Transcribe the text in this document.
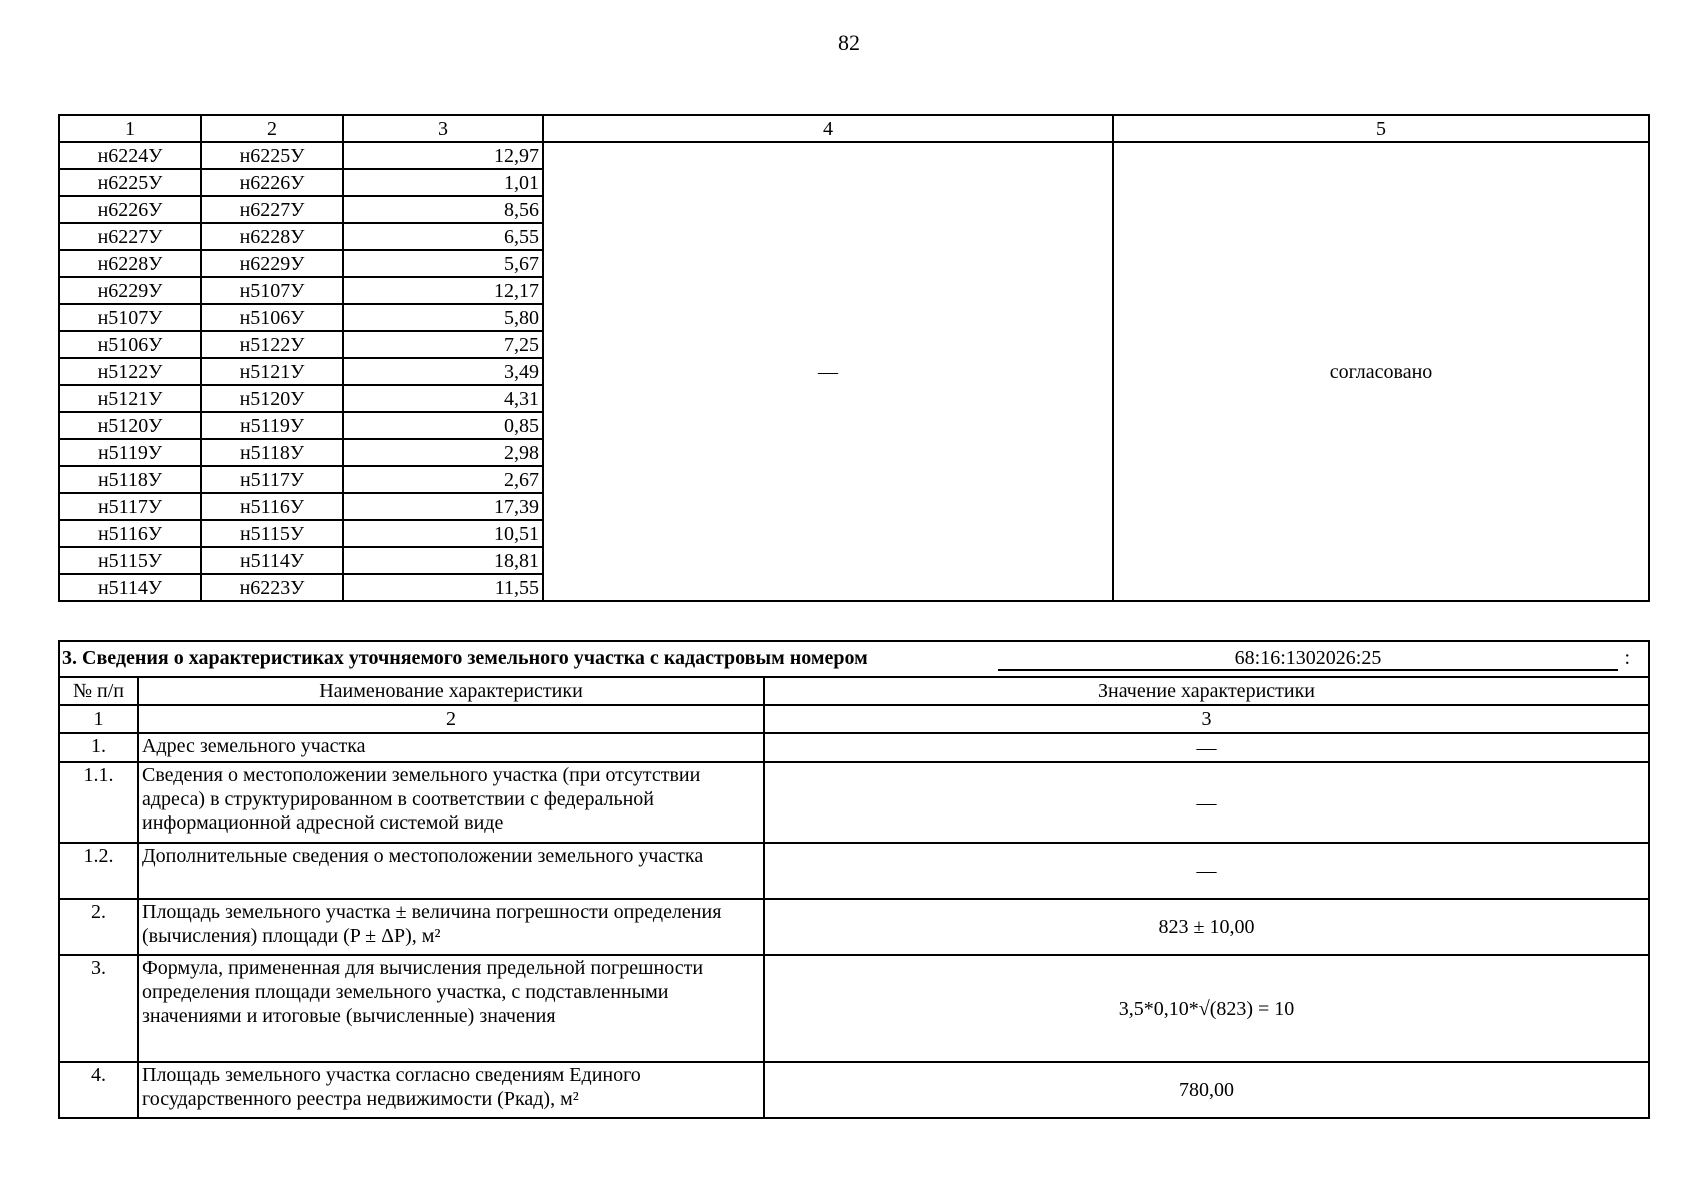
82
1	2	3	4	5
н6224У	н6225У	12,97	—	согласовано
н6225У	н6226У	1,01		
н6226У	н6227У	8,56		
н6227У	н6228У	6,55		
н6228У	н6229У	5,67		
н6229У	н5107У	12,17		
н5107У	н5106У	5,80		
н5106У	н5122У	7,25		
н5122У	н5121У	3,49		
н5121У	н5120У	4,31		
н5120У	н5119У	0,85		
н5119У	н5118У	2,98		
н5118У	н5117У	2,67		
н5117У	н5116У	17,39		
н5116У	н5115У	10,51		
н5115У	н5114У	18,81		
н5114У	н6223У	11,55		
3. Сведения о характеристиках уточняемого земельного участка с кадастровым номером 68:16:1302026:25 :		

№ п/п	Наименование характеристики	Значение характеристики
1	2	3
1.	Адрес земельного участка	—
1.1.	Сведения о местоположении земельного участка (при отсутствии адреса) в структурированном в соответствии с федеральной информационной адресной системой виде	—
1.2.	Дополнительные сведения о местоположении земельного участка	—
2.	Площадь земельного участка ± величина погрешности определения (вычисления) площади (P ± ΔP), м²	823 ± 10,00
3.	Формула, примененная для вычисления предельной погрешности определения площади земельного участка, с подставленными значениями и итоговые (вычисленные) значения	3,5*0,10*√(823) = 10
4.	Площадь земельного участка согласно сведениям Единого государственного реестра недвижимости (Ркад), м²	780,00
